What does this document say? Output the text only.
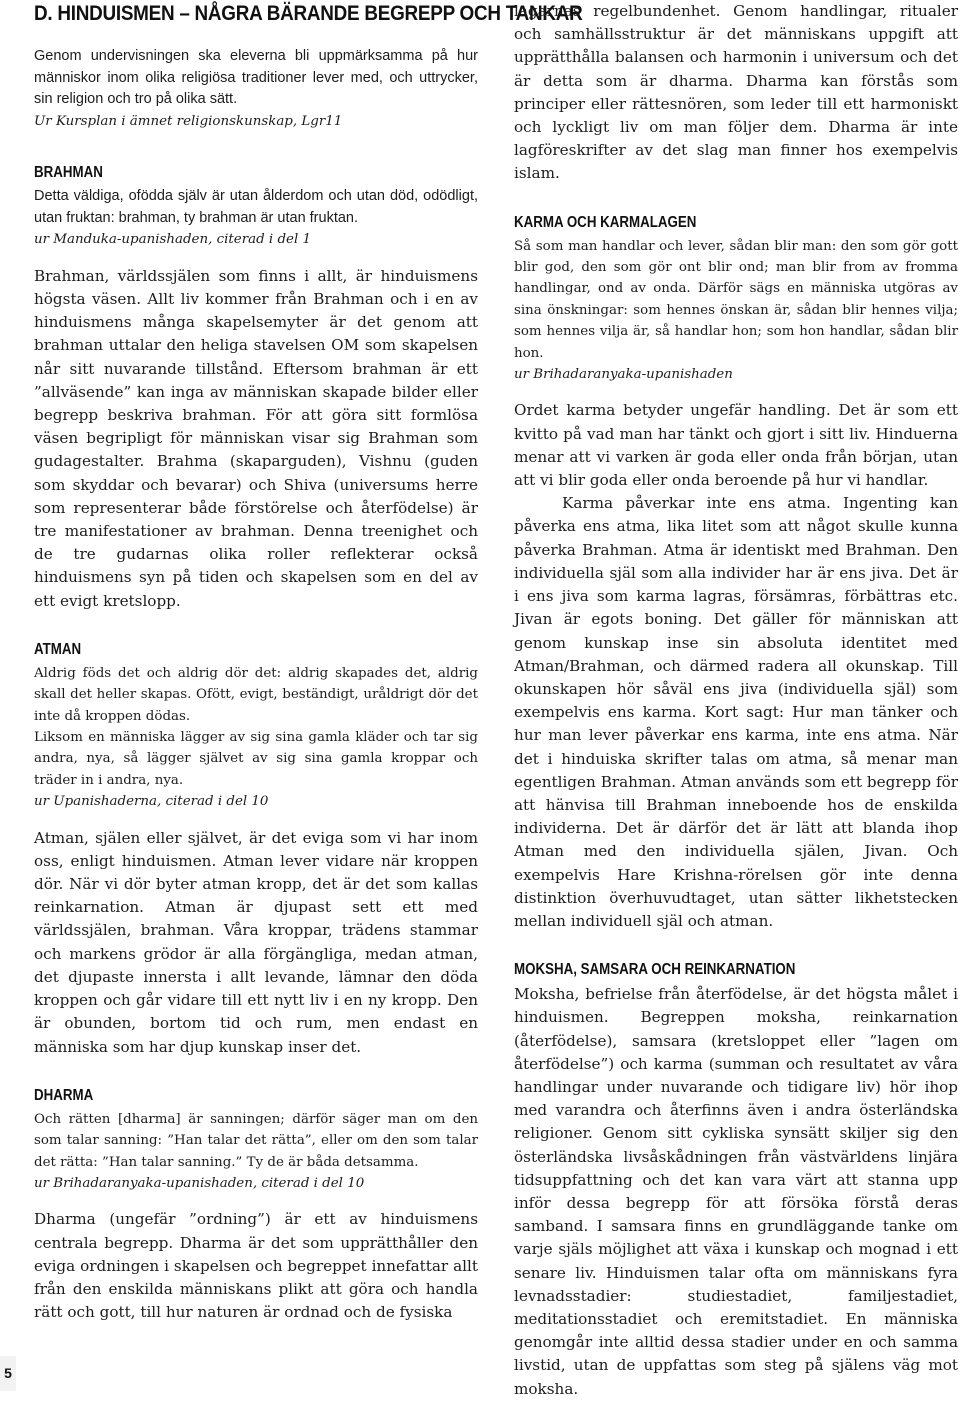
D. HINDUISMEN – NÅGRA BÄRANDE BEGREPP OCH TANKAR

Genom undervisningen ska eleverna bli uppmärksamma på hur människor inom olika religiösa traditioner lever med, och uttrycker, sin religion och tro på olika sätt.

Ur Kursplan i ämnet religionskunskap, Lgr11

BRAHMAN

Detta väldiga, ofödda själv är utan ålderdom och utan död, odödligt, utan fruktan: brahman, ty brahman är utan fruktan.

ur Manduka-upanishaden, citerad i del 1

Brahman, världssjälen som finns i allt, är hinduismens högsta väsen. Allt liv kommer från Brahman och i en av hinduismens många skapelsemyter är det genom att brahman uttalar den heliga stavelsen OM som skapelsen når sitt nuvarande tillstånd. Eftersom brahman är ett ”allväsende” kan inga av människan skapade bilder eller begrepp beskriva brahman. För att göra sitt formlösa väsen begripligt för människan visar sig Brahman som gudagestalter. Brahma (skaparguden), Vishnu (guden som skyddar och bevarar) och Shiva (universums herre som representerar både förstörelse och återfödelse) är tre manifestationer av brahman. Denna treenighet och de tre gudarnas olika roller reflekterar också hinduismens syn på tiden och skapelsen som en del av ett evigt kretslopp.

ATMAN

Aldrig föds det och aldrig dör det: aldrig skapades det, aldrig skall det heller skapas. Ofött, evigt, beständigt, uråldrigt dör det inte då kroppen dödas.

Liksom en människa lägger av sig sina gamla kläder och tar sig andra, nya, så lägger självet av sig sina gamla kroppar och träder in i andra, nya.

ur Upanishaderna, citerad i del 10

Atman, själen eller självet, är det eviga som vi har inom oss, enligt hinduismen. Atman lever vidare när kroppen dör. När vi dör byter atman kropp, det är det som kallas reinkarnation. Atman är djupast sett ett med världssjälen, brahman. Våra kroppar, trädens stammar och markens grödor är alla förgängliga, medan atman, det djupaste innersta i allt levande, lämnar den döda kroppen och går vidare till ett nytt liv i en ny kropp. Den är obunden, bortom tid och rum, men endast en människa som har djup kunskap inser det.

DHARMA

Och rätten [dharma] är sanningen; därför säger man om den som talar sanning: ”Han talar det rätta”, eller om den som talar det rätta: ”Han talar sanning.” Ty de är båda detsamma.

ur Brihadaranyaka-upanishaden, citerad i del 10

Dharma (ungefär ”ordning”) är ett av hinduismens centrala begrepp. Dharma är det som upprätthåller den eviga ordningen i skapelsen och begreppet innefattar allt från den enskilda människans plikt att göra och handla rätt och gott, till hur naturen är ordnad och de fysiska

lagarnas regelbundenhet. Genom handlingar, ritualer och samhällsstruktur är det människans uppgift att upprätthålla balansen och harmonin i universum och det är detta som är dharma. Dharma kan förstås som principer eller rättesnören, som leder till ett harmoniskt och lyckligt liv om man följer dem. Dharma är inte lagföreskrifter av det slag man finner hos exempelvis islam.

KARMA OCH KARMALAGEN

Så som man handlar och lever, sådan blir man: den som gör gott blir god, den som gör ont blir ond; man blir from av fromma handlingar, ond av onda. Därför sägs en människa utgöras av sina önskningar: som hennes önskan är, sådan blir hennes vilja; som hennes vilja är, så handlar hon; som hon handlar, sådan blir hon.

ur Brihadaranyaka-upanishaden

Ordet karma betyder ungefär handling. Det är som ett kvitto på vad man har tänkt och gjort i sitt liv. Hinduerna menar att vi varken är goda eller onda från början, utan att vi blir goda eller onda beroende på hur vi handlar.

Karma påverkar inte ens atma. Ingenting kan påverka ens atma, lika litet som att något skulle kunna påverka Brahman. Atma är identiskt med Brahman. Den individuella själ som alla individer har är ens jiva. Det är i ens jiva som karma lagras, försämras, förbättras etc. Jivan är egots boning. Det gäller för människan att genom kunskap inse sin absoluta identitet med Atman/Brahman, och därmed radera all okunskap. Till okunskapen hör såväl ens jiva (individuella själ) som exempelvis ens karma. Kort sagt: Hur man tänker och hur man lever påverkar ens karma, inte ens atma. När det i hinduiska skrifter talas om atma, så menar man egentligen Brahman. Atman används som ett begrepp för att hänvisa till Brahman inneboende hos de enskilda individerna. Det är därför det är lätt att blanda ihop Atman med den individuella själen, Jivan. Och exempelvis Hare Krishna-rörelsen gör inte denna distinktion överhuvudtaget, utan sätter likhetstecken mellan individuell själ och atman.

MOKSHA, SAMSARA OCH REINKARNATION

Moksha, befrielse från återfödelse, är det högsta målet i hinduismen. Begreppen moksha, reinkarnation (återfödelse), samsara (kretsloppet eller ”lagen om återfödelse”) och karma (summan och resultatet av våra handlingar under nuvarande och tidigare liv) hör ihop med varandra och återfinns även i andra österländska religioner. Genom sitt cykliska synsätt skiljer sig den österländska livsåskådningen från västvärldens linjära tidsuppfattning och det kan vara värt att stanna upp inför dessa begrepp för att försöka förstå deras samband. I samsara finns en grundläggande tanke om varje själs möjlighet att växa i kunskap och mognad i ett senare liv. Hinduismen talar ofta om människans fyra levnadsstadier: studiestadiet, familjestadiet, meditationsstadiet och eremitstadiet. En människa genomgår inte alltid dessa stadier under en och samma livstid, utan de uppfattas som steg på själens väg mot moksha.

5
